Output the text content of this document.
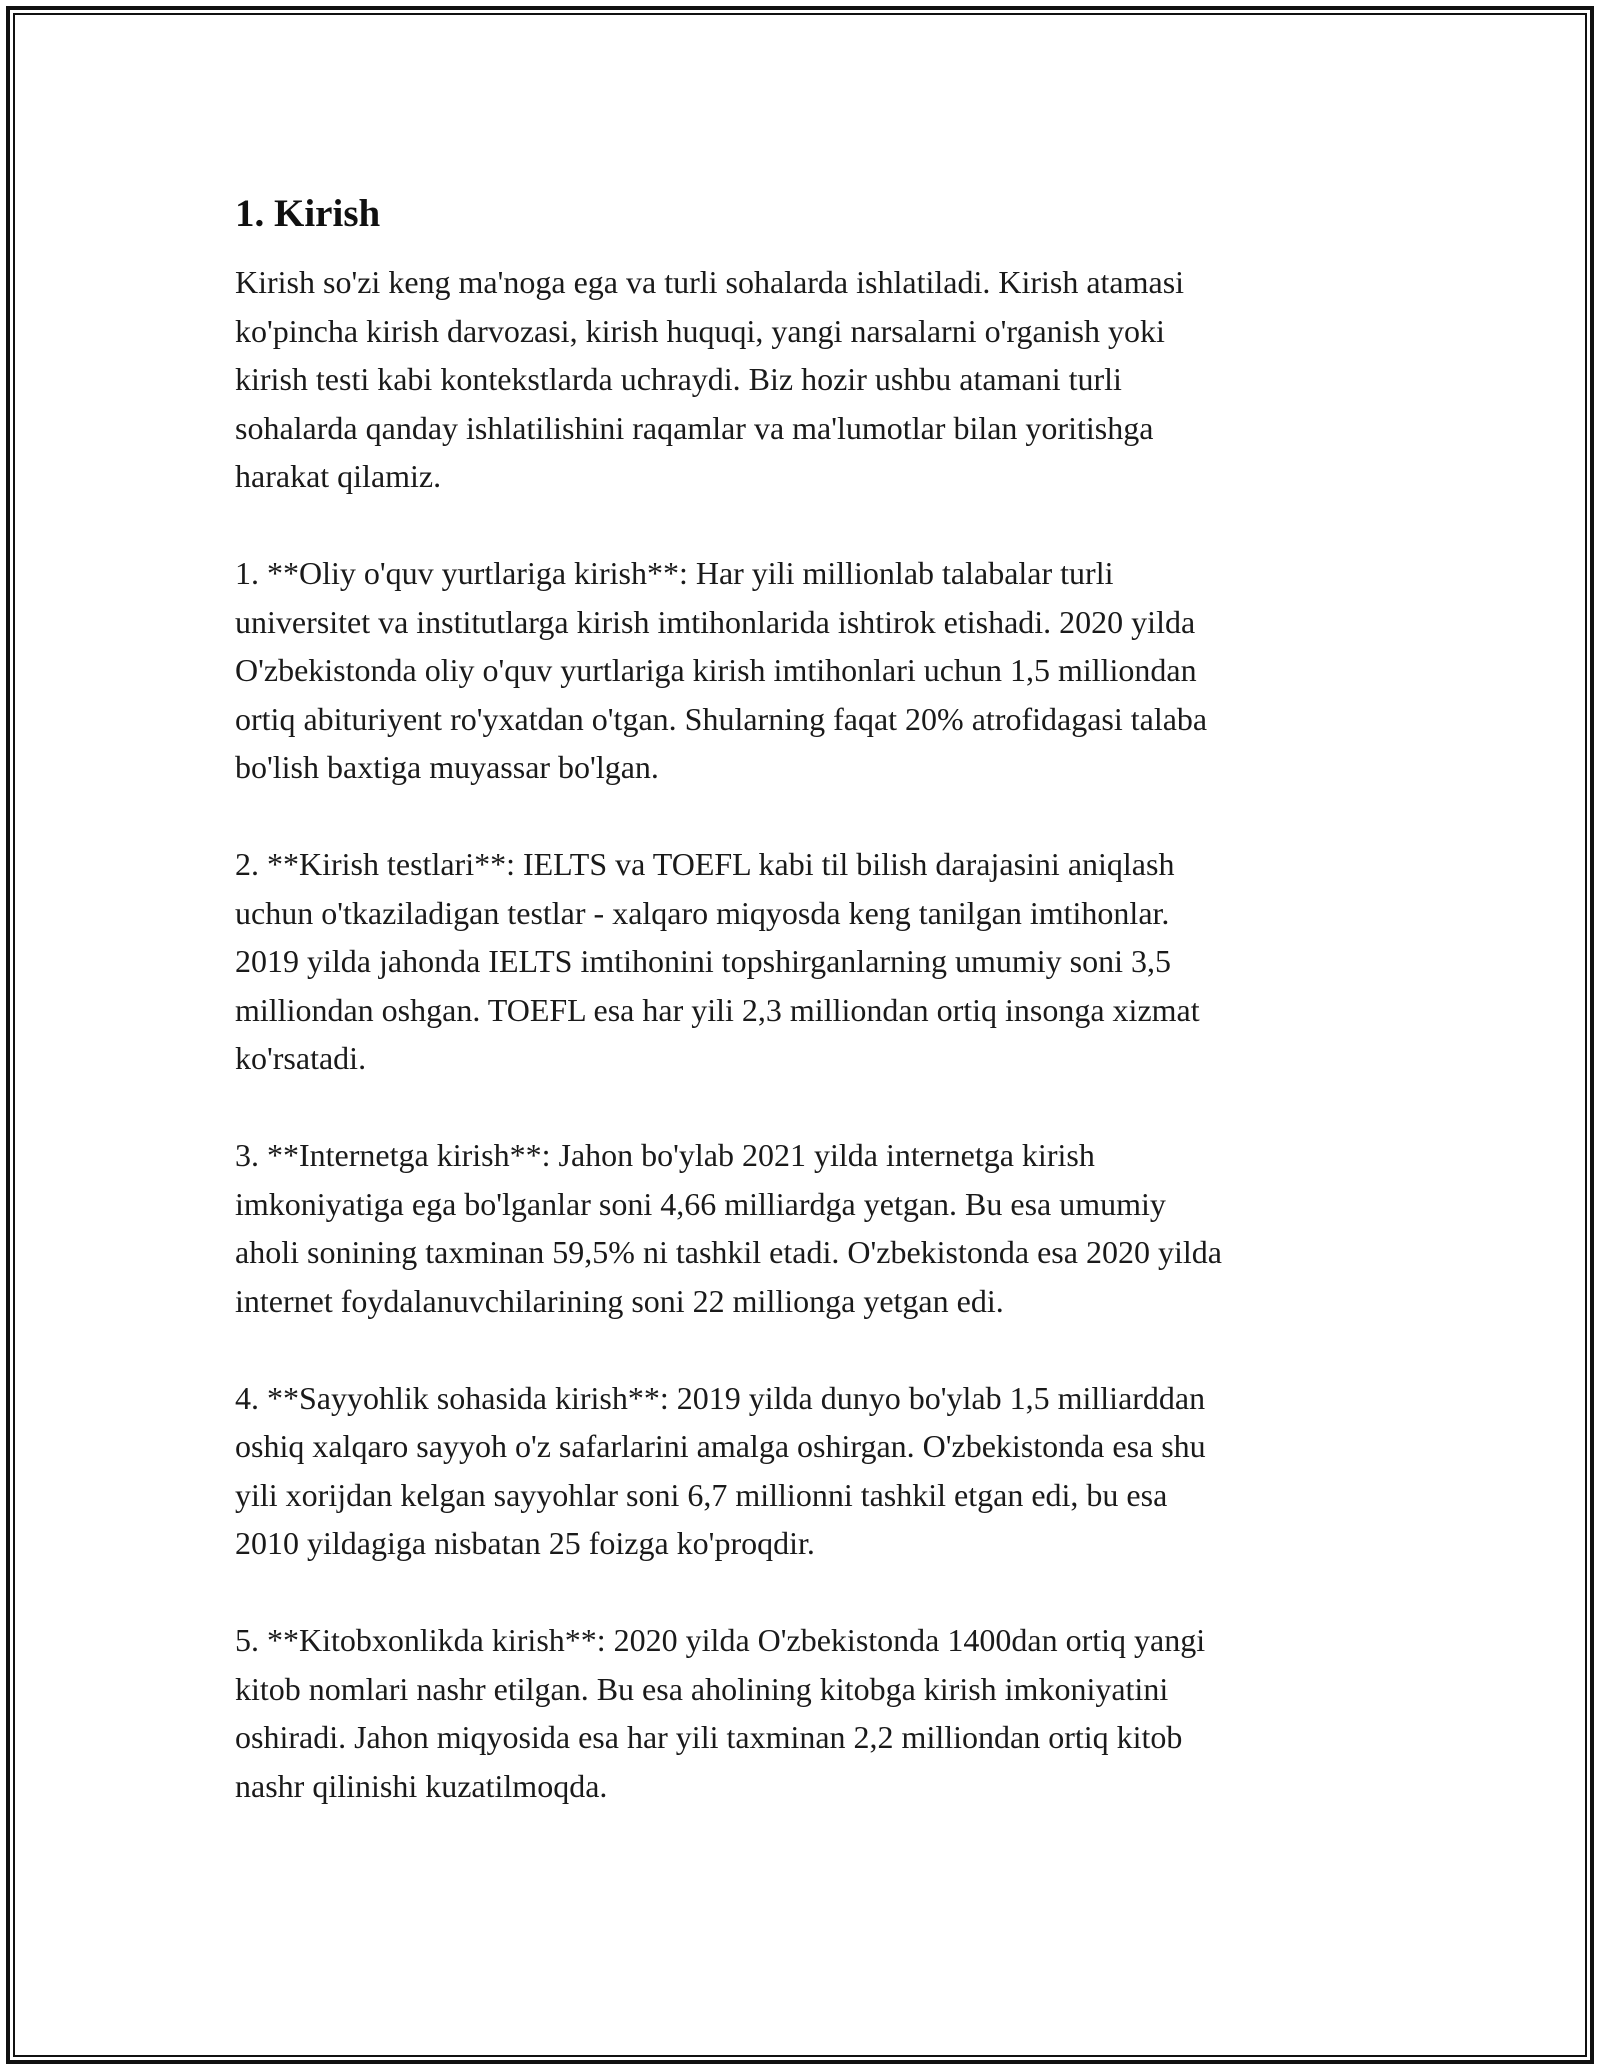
1. Kirish

Kirish so'zi keng ma'noga ega va turli sohalarda ishlatiladi. Kirish atamasi
ko'pincha kirish darvozasi, kirish huquqi, yangi narsalarni o'rganish yoki
kirish testi kabi kontekstlarda uchraydi. Biz hozir ushbu atamani turli
sohalarda qanday ishlatilishini raqamlar va ma'lumotlar bilan yoritishga
harakat qilamiz.

1. **Oliy o'quv yurtlariga kirish**: Har yili millionlab talabalar turli
universitet va institutlarga kirish imtihonlarida ishtirok etishadi. 2020 yilda
O'zbekistonda oliy o'quv yurtlariga kirish imtihonlari uchun 1,5 milliondan
ortiq abituriyent ro'yxatdan o'tgan. Shularning faqat 20% atrofidagasi talaba
bo'lish baxtiga muyassar bo'lgan.

2. **Kirish testlari**: IELTS va TOEFL kabi til bilish darajasini aniqlash
uchun o'tkaziladigan testlar - xalqaro miqyosda keng tanilgan imtihonlar.
2019 yilda jahonda IELTS imtihonini topshirganlarning umumiy soni 3,5
milliondan oshgan. TOEFL esa har yili 2,3 milliondan ortiq insonga xizmat
ko'rsatadi.

3. **Internetga kirish**: Jahon bo'ylab 2021 yilda internetga kirish
imkoniyatiga ega bo'lganlar soni 4,66 milliardga yetgan. Bu esa umumiy
aholi sonining taxminan 59,5% ni tashkil etadi. O'zbekistonda esa 2020 yilda
internet foydalanuvchilarining soni 22 millionga yetgan edi.

4. **Sayyohlik sohasida kirish**: 2019 yilda dunyo bo'ylab 1,5 milliarddan
oshiq xalqaro sayyoh o'z safarlarini amalga oshirgan. O'zbekistonda esa shu
yili xorijdan kelgan sayyohlar soni 6,7 millionni tashkil etgan edi, bu esa
2010 yildagiga nisbatan 25 foizga ko'proqdir.

5. **Kitobxonlikda kirish**: 2020 yilda O'zbekistonda 1400dan ortiq yangi
kitob nomlari nashr etilgan. Bu esa aholining kitobga kirish imkoniyatini
oshiradi. Jahon miqyosida esa har yili taxminan 2,2 milliondan ortiq kitob
nashr qilinishi kuzatilmoqda.
